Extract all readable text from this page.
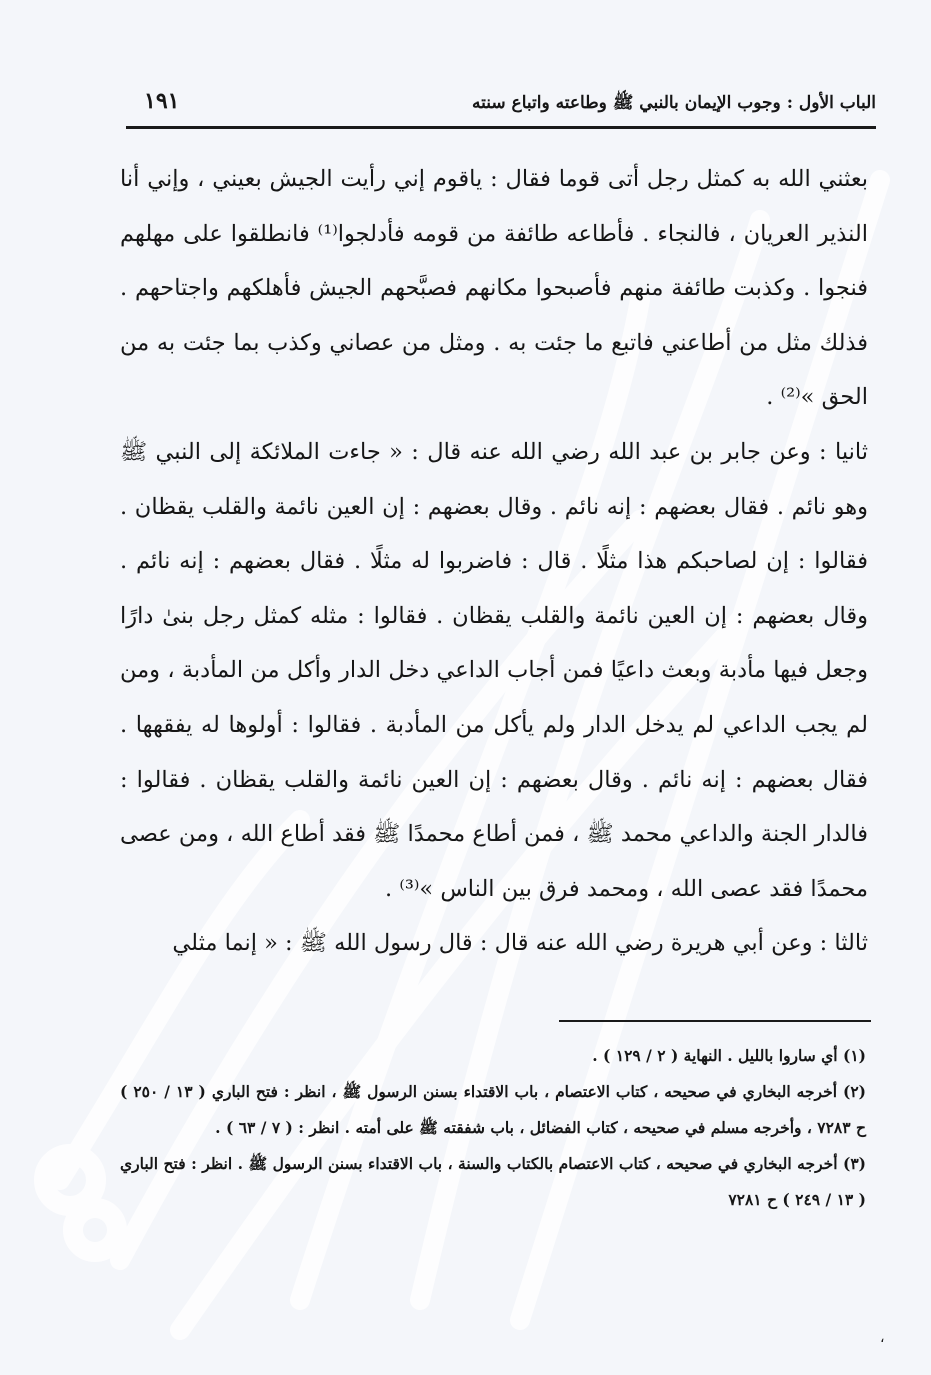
الباب الأول : وجوب الإيمان بالنبي ﷺ وطاعته واتباع سنته
١٩١

بعثني الله به كمثل رجل أتى قوما فقال : ياقوم إني رأيت الجيش بعيني ، وإني أنا النذير العريان ، فالنجاء . فأطاعه طائفة من قومه فأدلجوا⁽¹⁾ فانطلقوا على مهلهم فنجوا . وكذبت طائفة منهم فأصبحوا مكانهم فصبَّحهم الجيش فأهلكهم واجتاحهم . فذلك مثل من أطاعني فاتبع ما جئت به . ومثل من عصاني وكذب بما جئت به من الحق »⁽²⁾ .

ثانيا : وعن جابر بن عبد الله رضي الله عنه قال : « جاءت الملائكة إلى النبي ﷺ وهو نائم . فقال بعضهم : إنه نائم . وقال بعضهم : إن العين نائمة والقلب يقظان . فقالوا : إن لصاحبكم هذا مثلًا . قال : فاضربوا له مثلًا . فقال بعضهم : إنه نائم . وقال بعضهم : إن العين نائمة والقلب يقظان . فقالوا : مثله كمثل رجل بنىٰ دارًا وجعل فيها مأدبة وبعث داعيًا فمن أجاب الداعي دخل الدار وأكل من المأدبة ، ومن لم يجب الداعي لم يدخل الدار ولم يأكل من المأدبة . فقالوا : أولوها له يفقهها . فقال بعضهم : إنه نائم . وقال بعضهم : إن العين نائمة والقلب يقظان . فقالوا : فالدار الجنة والداعي محمد ﷺ ، فمن أطاع محمدًا ﷺ فقد أطاع الله ، ومن عصى محمدًا فقد عصى الله ، ومحمد فرق بين الناس »⁽³⁾ .

ثالثا : وعن أبي هريرة رضي الله عنه قال : قال رسول الله ﷺ : « إنما مثلي

(١) أي ساروا بالليل . النهاية ( ٢ / ١٢٩ ) .

(٢) أخرجه البخاري في صحيحه ، كتاب الاعتصام ، باب الاقتداء بسنن الرسول ﷺ ، انظر : فتح الباري ( ١٣ / ٢٥٠ ) ح ٧٢٨٣ ، وأخرجه مسلم في صحيحه ، كتاب الفضائل ، باب شفقته ﷺ على أمته . انظر : ( ٧ / ٦٣ ) .

(٣) أخرجه البخاري في صحيحه ، كتاب الاعتصام بالكتاب والسنة ، باب الاقتداء بسنن الرسول ﷺ . انظر : فتح الباري ( ١٣ / ٢٤٩ ) ح ٧٢٨١

،
